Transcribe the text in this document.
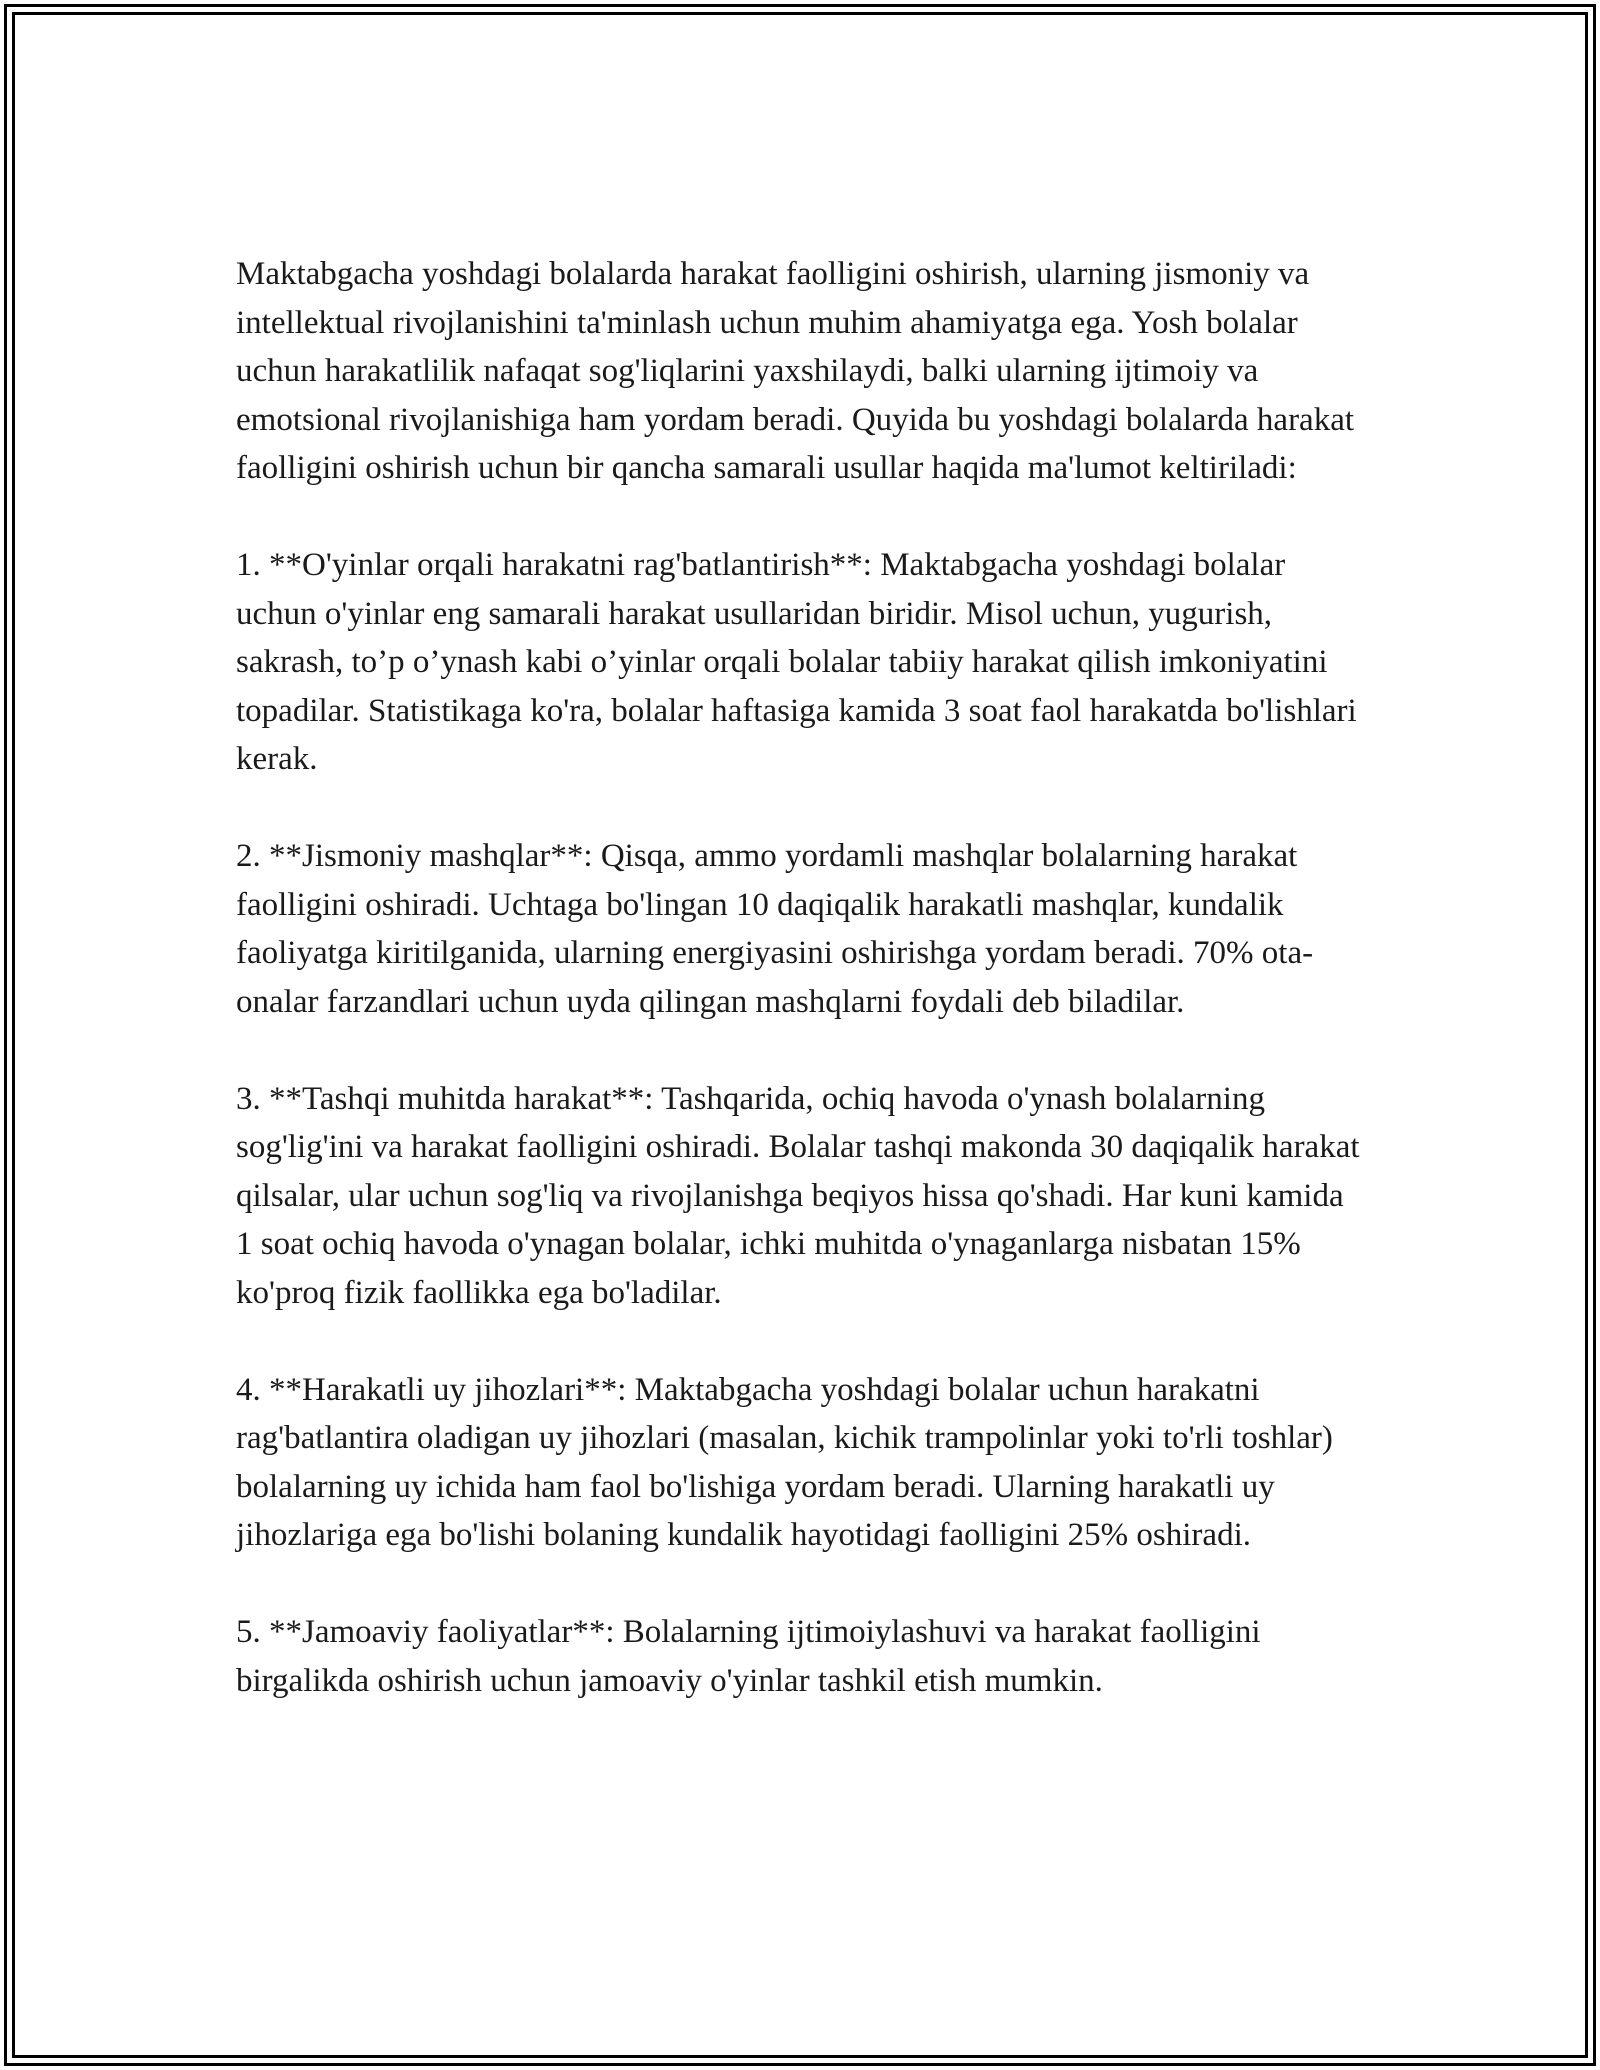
Maktabgacha yoshdagi bolalarda harakat faolligini oshirish, ularning jismoniy va intellektual rivojlanishini ta'minlash uchun muhim ahamiyatga ega. Yosh bolalar uchun harakatlilik nafaqat sog'liqlarini yaxshilaydi, balki ularning ijtimoiy va emotsional rivojlanishiga ham yordam beradi. Quyida bu yoshdagi bolalarda harakat faolligini oshirish uchun bir qancha samarali usullar haqida ma'lumot keltiriladi:

1. **O'yinlar orqali harakatni rag'batlantirish**: Maktabgacha yoshdagi bolalar uchun o'yinlar eng samarali harakat usullaridan biridir. Misol uchun, yugurish, sakrash, to’p o’ynash kabi o’yinlar orqali bolalar tabiiy harakat qilish imkoniyatini topadilar. Statistikaga ko'ra, bolalar haftasiga kamida 3 soat faol harakatda bo'lishlari kerak.

2. **Jismoniy mashqlar**: Qisqa, ammo yordamli mashqlar bolalarning harakat faolligini oshiradi. Uchtaga bo'lingan 10 daqiqalik harakatli mashqlar, kundalik faoliyatga kiritilganida, ularning energiyasini oshirishga yordam beradi. 70% ota-onalar farzandlari uchun uyda qilingan mashqlarni foydali deb biladilar.

3. **Tashqi muhitda harakat**: Tashqarida, ochiq havoda o'ynash bolalarning sog'lig'ini va harakat faolligini oshiradi. Bolalar tashqi makonda 30 daqiqalik harakat qilsalar, ular uchun sog'liq va rivojlanishga beqiyos hissa qo'shadi. Har kuni kamida 1 soat ochiq havoda o'ynagan bolalar, ichki muhitda o'ynaganlarga nisbatan 15% ko'proq fizik faollikka ega bo'ladilar.

4. **Harakatli uy jihozlari**: Maktabgacha yoshdagi bolalar uchun harakatni rag'batlantira oladigan uy jihozlari (masalan, kichik trampolinlar yoki to'rli toshlar) bolalarning uy ichida ham faol bo'lishiga yordam beradi. Ularning harakatli uy jihozlariga ega bo'lishi bolaning kundalik hayotidagi faolligini 25% oshiradi.

5. **Jamoaviy faoliyatlar**: Bolalarning ijtimoiylashuvi va harakat faolligini birgalikda oshirish uchun jamoaviy o'yinlar tashkil etish mumkin.
